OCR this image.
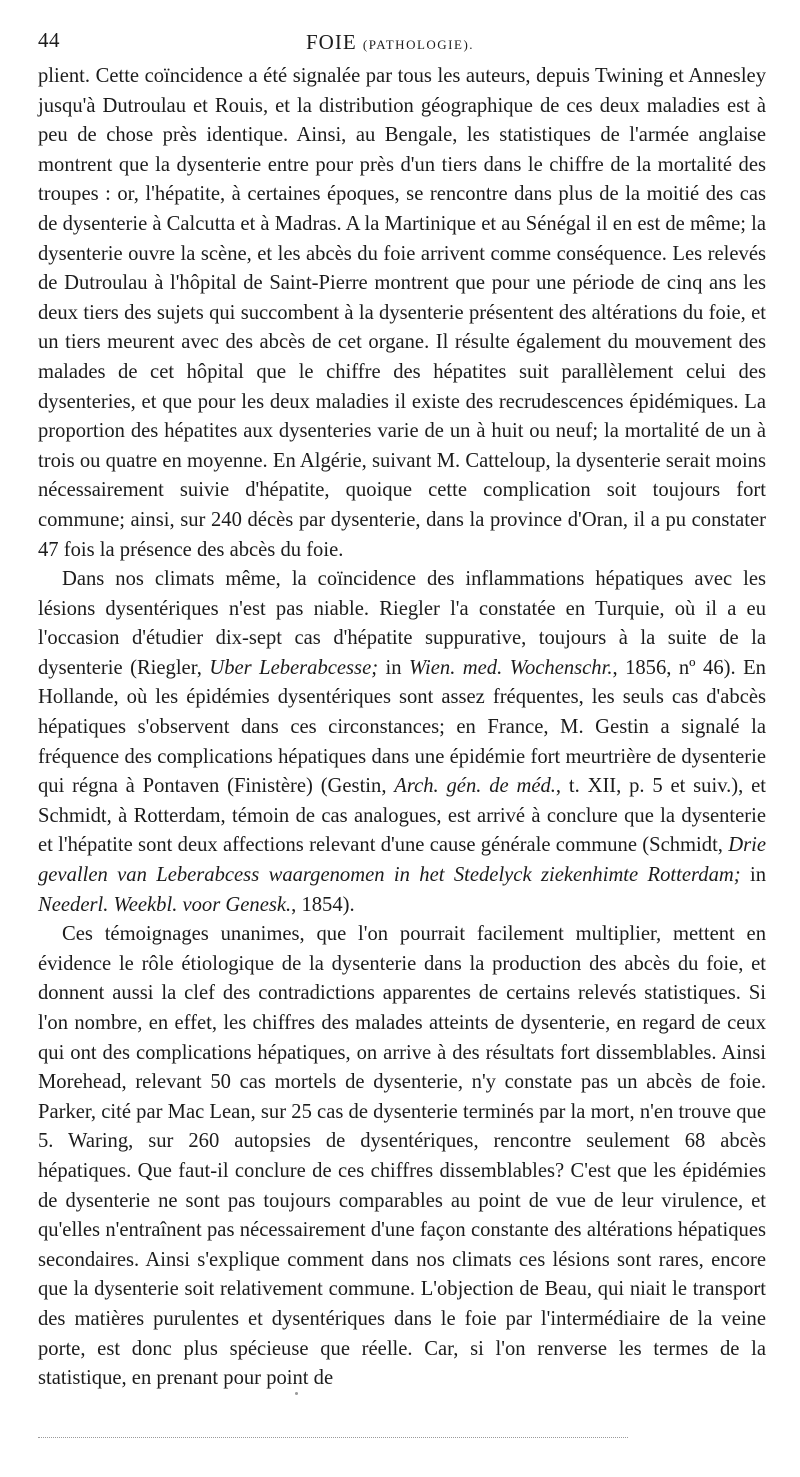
44	FOIE (PATHOLOGIE).

plient. Cette coïncidence a été signalée par tous les auteurs, depuis Twining et Annesley jusqu'à Dutroulau et Rouis, et la distribution géographique de ces deux maladies est à peu de chose près identique. Ainsi, au Bengale, les statistiques de l'armée anglaise montrent que la dysenterie entre pour près d'un tiers dans le chiffre de la mortalité des troupes : or, l'hépatite, à certaines époques, se rencontre dans plus de la moitié des cas de dysenterie à Calcutta et à Madras. A la Martinique et au Sénégal il en est de même; la dysenterie ouvre la scène, et les abcès du foie arrivent comme conséquence. Les relevés de Dutroulau à l'hôpital de Saint-Pierre montrent que pour une période de cinq ans les deux tiers des sujets qui succombent à la dysenterie présentent des altérations du foie, et un tiers meurent avec des abcès de cet organe. Il résulte également du mouvement des malades de cet hôpital que le chiffre des hépatites suit parallèlement celui des dysenteries, et que pour les deux maladies il existe des recrudescences épidémiques. La proportion des hépatites aux dysenteries varie de un à huit ou neuf; la mortalité de un à trois ou quatre en moyenne. En Algérie, suivant M. Catteloup, la dysenterie serait moins nécessairement suivie d'hépatite, quoique cette complication soit toujours fort commune; ainsi, sur 240 décès par dysenterie, dans la province d'Oran, il a pu constater 47 fois la présence des abcès du foie.

Dans nos climats même, la coïncidence des inflammations hépatiques avec les lésions dysentériques n'est pas niable. Riegler l'a constatée en Turquie, où il a eu l'occasion d'étudier dix-sept cas d'hépatite suppurative, toujours à la suite de la dysenterie (Riegler, Uber Leberabcesse; in Wien. med. Wochenschr., 1856, nº 46). En Hollande, où les épidémies dysentériques sont assez fréquentes, les seuls cas d'abcès hépatiques s'observent dans ces circonstances; en France, M. Gestin a signalé la fréquence des complications hépatiques dans une épidémie fort meurtrière de dysenterie qui régna à Pontaven (Finistère) (Gestin, Arch. gén. de méd., t. XII, p. 5 et suiv.), et Schmidt, à Rotterdam, témoin de cas analogues, est arrivé à conclure que la dysenterie et l'hépatite sont deux affections relevant d'une cause générale commune (Schmidt, Drie gevallen van Leberabcess waargenomen in het Stedelyck ziekenhimte Rotterdam; in Neederl. Weekbl. voor Genesk., 1854).

Ces témoignages unanimes, que l'on pourrait facilement multiplier, mettent en évidence le rôle étiologique de la dysenterie dans la production des abcès du foie, et donnent aussi la clef des contradictions apparentes de certains relevés statistiques. Si l'on nombre, en effet, les chiffres des malades atteints de dysenterie, en regard de ceux qui ont des complications hépatiques, on arrive à des résultats fort dissemblables. Ainsi Morehead, relevant 50 cas mortels de dysenterie, n'y constate pas un abcès de foie. Parker, cité par Mac Lean, sur 25 cas de dysenterie terminés par la mort, n'en trouve que 5. Waring, sur 260 autopsies de dysentériques, rencontre seulement 68 abcès hépatiques. Que faut-il conclure de ces chiffres dissemblables? C'est que les épidémies de dysenterie ne sont pas toujours comparables au point de vue de leur virulence, et qu'elles n'entraînent pas nécessairement d'une façon constante des altérations hépatiques secondaires. Ainsi s'explique comment dans nos climats ces lésions sont rares, encore que la dysenterie soit relativement commune. L'objection de Beau, qui niait le transport des matières purulentes et dysentériques dans le foie par l'intermédiaire de la veine porte, est donc plus spécieuse que réelle. Car, si l'on renverse les termes de la statistique, en prenant pour point de
